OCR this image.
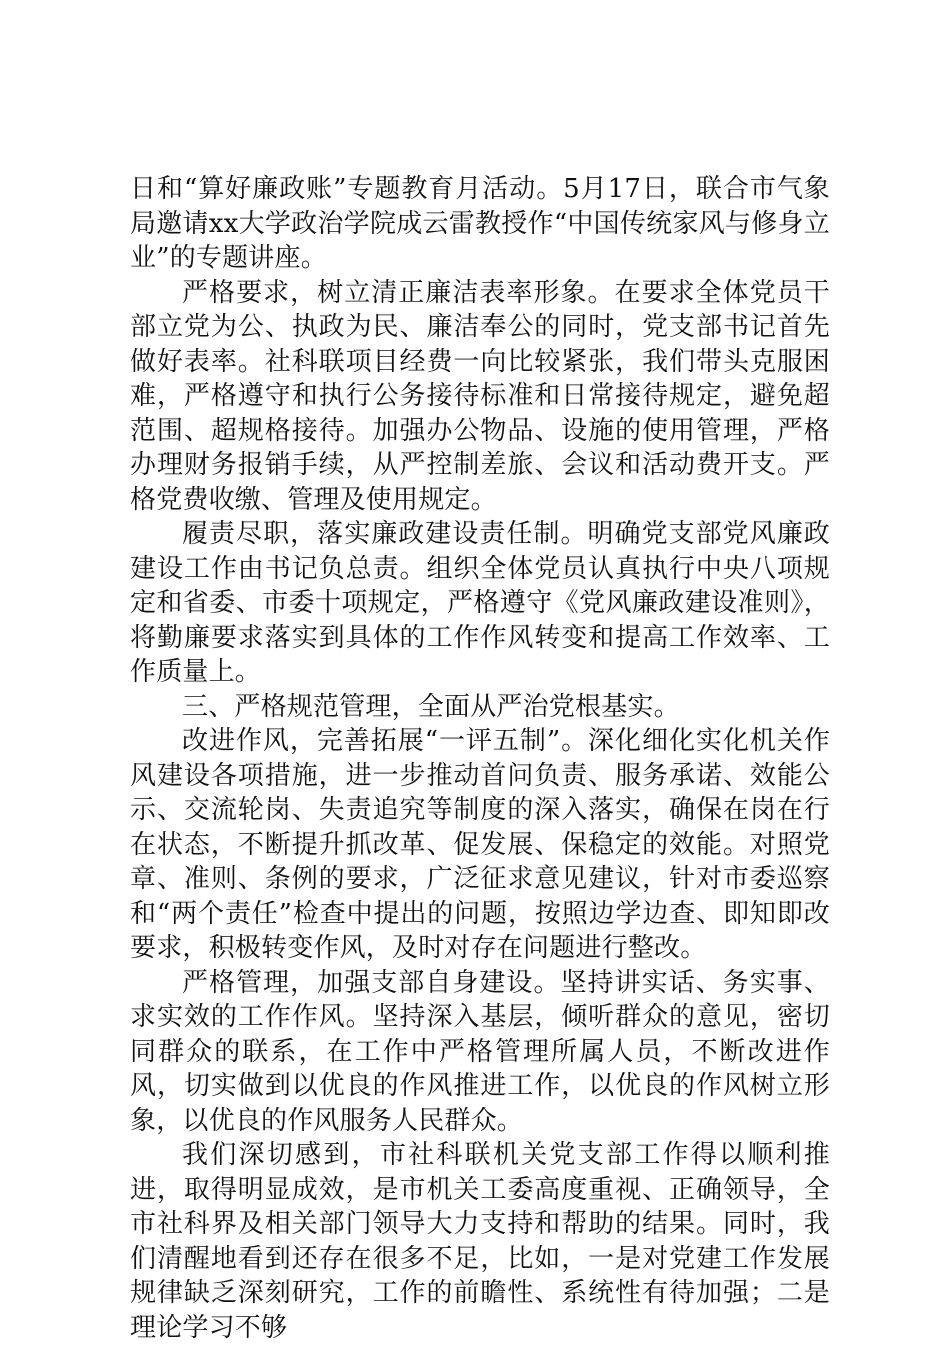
日和“算好廉政账”专题教育月活动。5月17日，联合市气象局邀请xx大学政治学院成云雷教授作“中国传统家风与修身立业”的专题讲座。

严格要求，树立清正廉洁表率形象。在要求全体党员干部立党为公、执政为民、廉洁奉公的同时，党支部书记首先做好表率。社科联项目经费一向比较紧张，我们带头克服困难，严格遵守和执行公务接待标准和日常接待规定，避免超范围、超规格接待。加强办公物品、设施的使用管理，严格办理财务报销手续，从严控制差旅、会议和活动费开支。严格党费收缴、管理及使用规定。

履责尽职，落实廉政建设责任制。明确党支部党风廉政建设工作由书记负总责。组织全体党员认真执行中央八项规定和省委、市委十项规定，严格遵守《党风廉政建设准则》，将勤廉要求落实到具体的工作作风转变和提高工作效率、工作质量上。

三、严格规范管理，全面从严治党根基实。

改进作风，完善拓展“一评五制”。深化细化实化机关作风建设各项措施，进一步推动首问负责、服务承诺、效能公示、交流轮岗、失责追究等制度的深入落实，确保在岗在行在状态，不断提升抓改革、促发展、保稳定的效能。对照党章、准则、条例的要求，广泛征求意见建议，针对市委巡察和“两个责任”检查中提出的问题，按照边学边查、即知即改要求，积极转变作风，及时对存在问题进行整改。

严格管理，加强支部自身建设。坚持讲实话、务实事、求实效的工作作风。坚持深入基层，倾听群众的意见，密切同群众的联系，在工作中严格管理所属人员，不断改进作风，切实做到以优良的作风推进工作，以优良的作风树立形象，以优良的作风服务人民群众。

我们深切感到，市社科联机关党支部工作得以顺利推进，取得明显成效，是市机关工委高度重视、正确领导，全市社科界及相关部门领导大力支持和帮助的结果。同时，我们清醒地看到还存在很多不足，比如，一是对党建工作发展规律缺乏深刻研究，工作的前瞻性、系统性有待加强；二是理论学习不够
